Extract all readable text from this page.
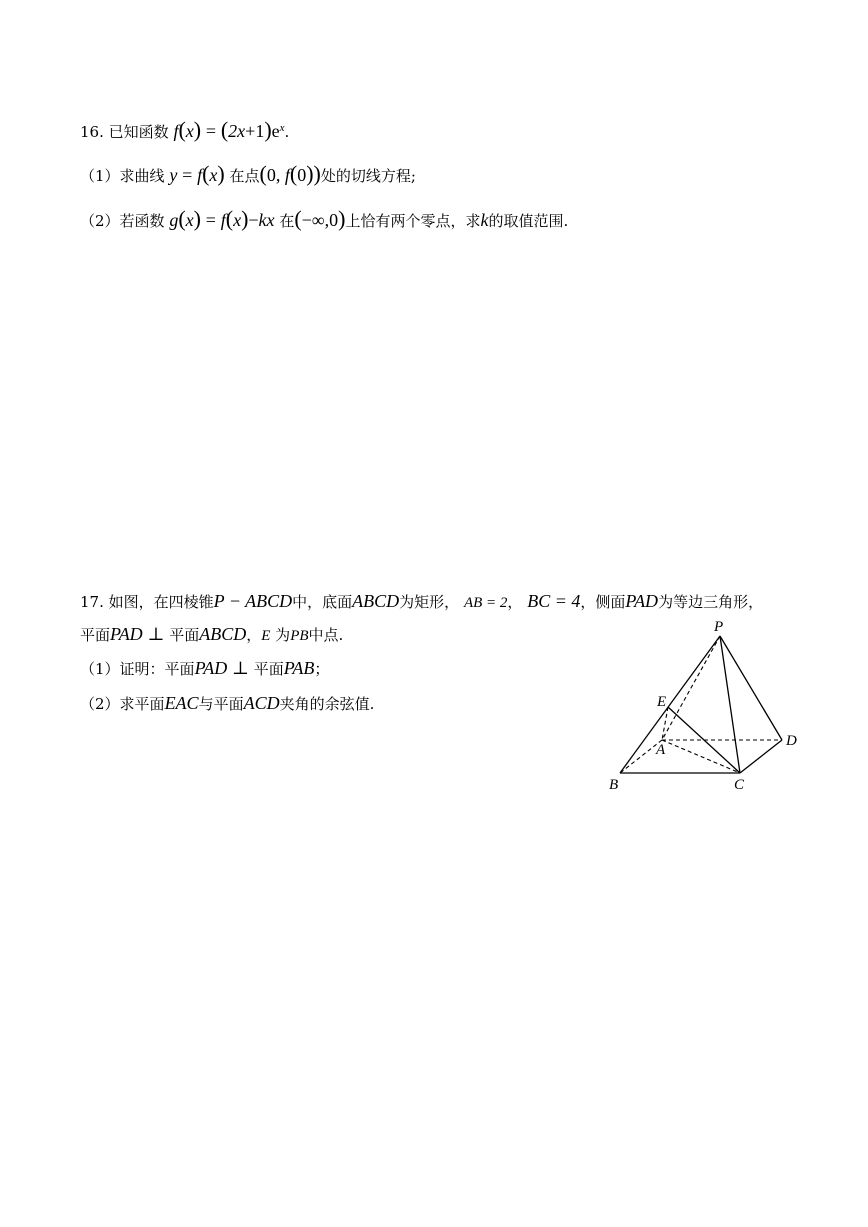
16. 已知函数 $f(x) = (2x+1)e^x$.
（1）求曲线 y = f(x) 在点(0, f(0))处的切线方程;
（2）若函数 g(x) = f(x)−kx 在(−∞,0)上恰有两个零点，求k的取值范围.
17. 如图，在四棱锥P − ABCD中，底面ABCD为矩形， AB = 2， BC = 4，侧面PAD为等边三角形，
平面PAD ⊥ 平面ABCD，E 为PB中点.
（1）证明：平面PAD ⊥ 平面PAB；
（2）求平面EAC与平面ACD夹角的余弦值.
P
E
A
D
B	C
